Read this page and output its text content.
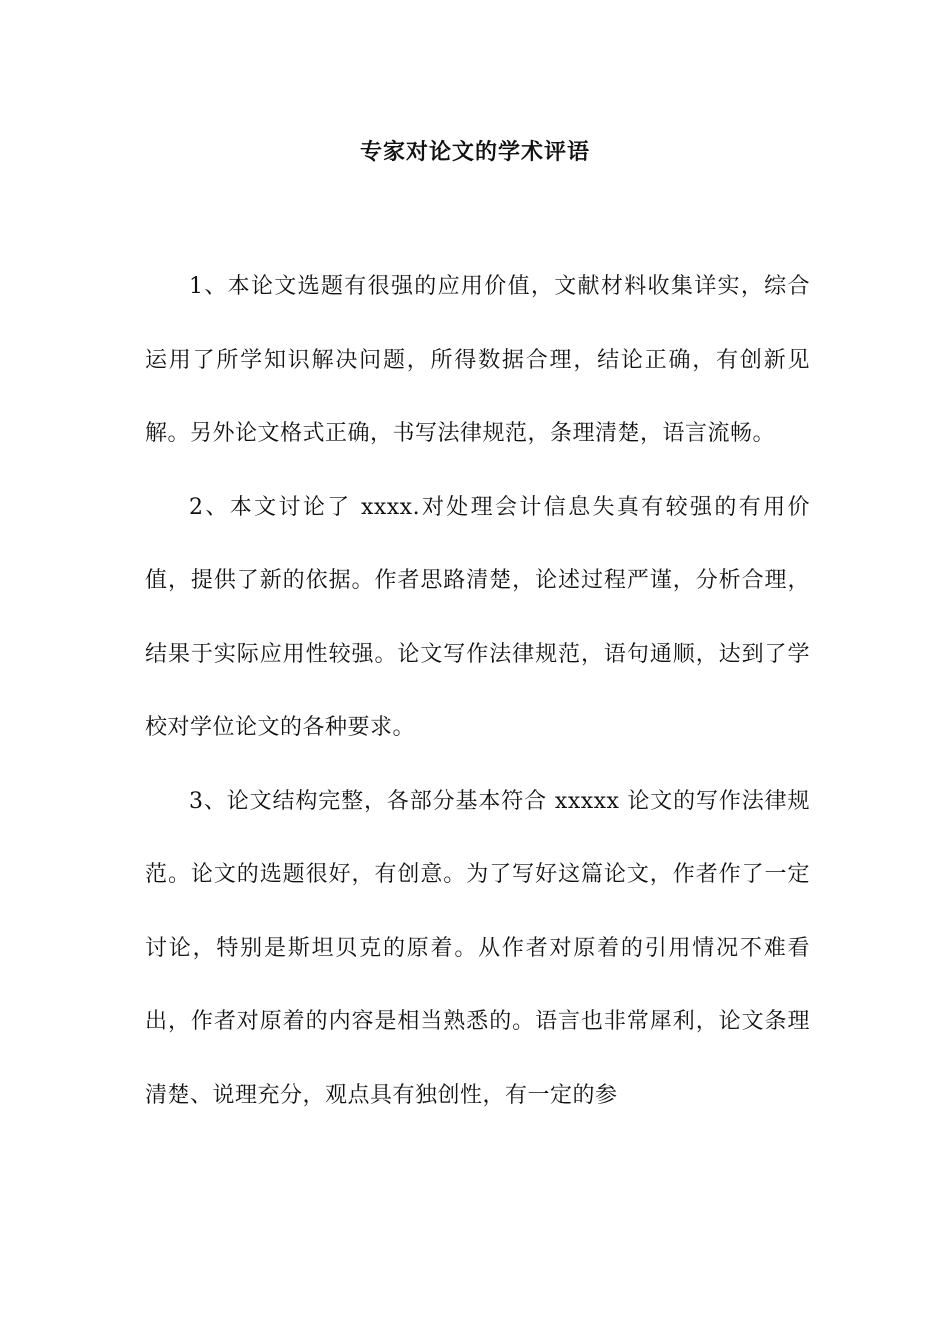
专家对论文的学术评语

1、本论文选题有很强的应用价值，文献材料收集详实，综合运用了所学知识解决问题，所得数据合理，结论正确，有创新见解。另外论文格式正确，书写法律规范，条理清楚，语言流畅。

2、本文讨论了 xxxx.对处理会计信息失真有较强的有用价值，提供了新的依据。作者思路清楚，论述过程严谨，分析合理，结果于实际应用性较强。论文写作法律规范，语句通顺，达到了学校对学位论文的各种要求。

3、论文结构完整，各部分基本符合 xxxxx 论文的写作法律规范。论文的选题很好，有创意。为了写好这篇论文，作者作了一定讨论，特别是斯坦贝克的原着。从作者对原着的引用情况不难看出，作者对原着的内容是相当熟悉的。语言也非常犀利，论文条理清楚、说理充分，观点具有独创性，有一定的参
